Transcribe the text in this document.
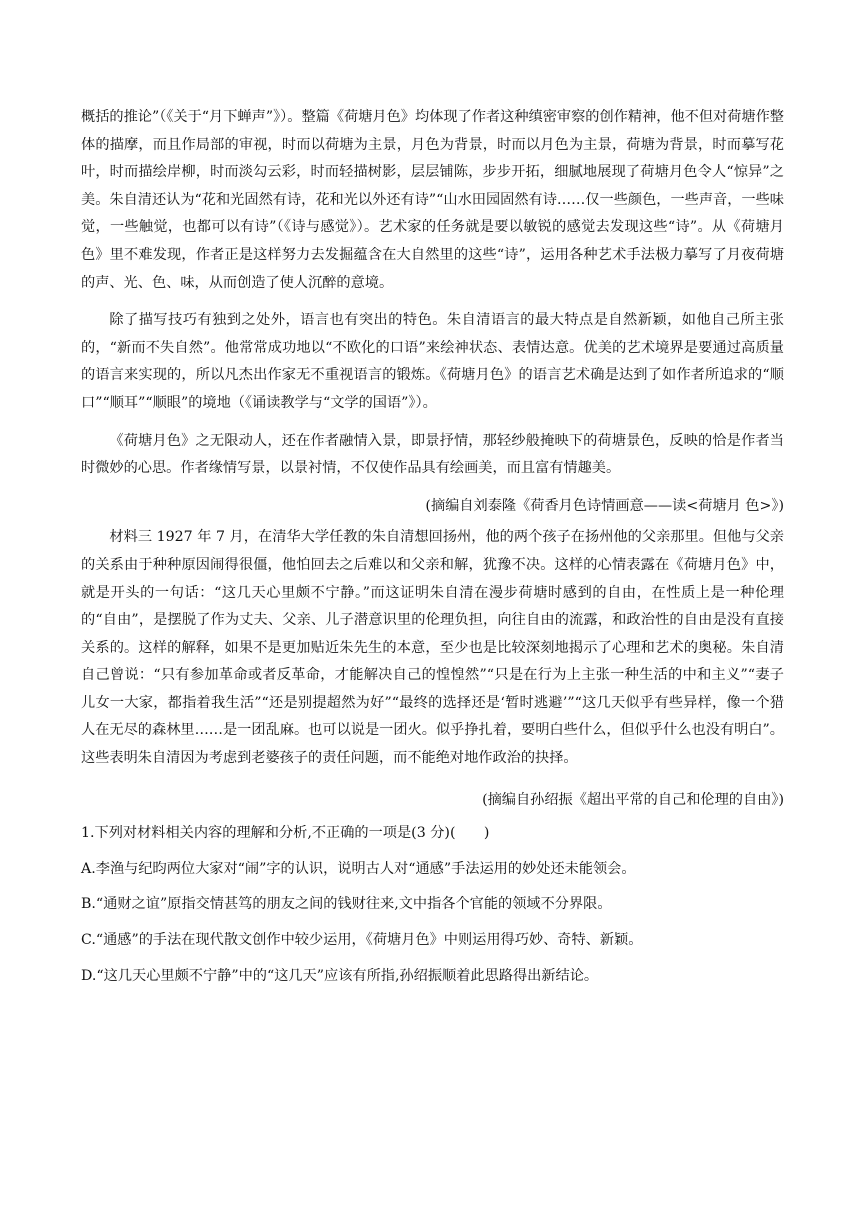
概括的推论”（《关于“月下蝉声”》）。整篇《荷塘月色》均体现了作者这种缜密审察的创作精神，他不但对荷塘作整体的描摩，而且作局部的审视，时而以荷塘为主景，月色为背景，时而以月色为主景，荷塘为背景，时而摹写花叶，时而描绘岸柳，时而淡勾云彩，时而轻描树影，层层铺陈，步步开拓，细腻地展现了荷塘月色令人“惊异”之美。朱自清还认为“花和光固然有诗，花和光以外还有诗”“山水田园固然有诗……仅一些颜色，一些声音，一些味觉，一些触觉，也都可以有诗”（《诗与感觉》）。艺术家的任务就是要以敏锐的感觉去发现这些“诗”。从《荷塘月色》里不难发现，作者正是这样努力去发掘蕴含在大自然里的这些“诗”，运用各种艺术手法极力摹写了月夜荷塘的声、光、色、味，从而创造了使人沉醉的意境。

除了描写技巧有独到之处外，语言也有突出的特色。朱自清语言的最大特点是自然新颖，如他自己所主张的，“新而不失自然”。他常常成功地以“不欧化的口语”来绘神状态、表情达意。优美的艺术境界是要通过高质量的语言来实现的，所以凡杰出作家无不重视语言的锻炼。《荷塘月色》的语言艺术确是达到了如作者所追求的“顺口”“顺耳”“顺眼”的境地（《诵读教学与“文学的国语”》）。

《荷塘月色》之无限动人，还在作者融情入景，即景抒情，那轻纱般掩映下的荷塘景色，反映的恰是作者当时微妙的心思。作者缘情写景，以景衬情，不仅使作品具有绘画美，而且富有情趣美。

(摘编自刘泰隆《荷香月色诗情画意——读<荷塘月 色>》)

材料三 1927 年 7 月，在清华大学任教的朱自清想回扬州，他的两个孩子在扬州他的父亲那里。但他与父亲的关系由于种种原因闹得很僵，他怕回去之后难以和父亲和解，犹豫不决。这样的心情表露在《荷塘月色》中，就是开头的一句话：“这几天心里颇不宁静。”而这证明朱自清在漫步荷塘时感到的自由，在性质上是一种伦理的“自由”，是摆脱了作为丈夫、父亲、儿子潜意识里的伦理负担，向往自由的流露，和政治性的自由是没有直接关系的。这样的解释，如果不是更加贴近朱先生的本意，至少也是比较深刻地揭示了心理和艺术的奥秘。朱自清自己曾说：“只有参加革命或者反革命，才能解决自己的惶惶然”“只是在行为上主张一种生活的中和主义”“妻子儿女一大家，都指着我生活”“还是别提超然为好”“最终的选择还是‘暂时逃避’”“这几天似乎有些异样，像一个猎人在无尽的森林里……是一团乱麻。也可以说是一团火。似乎挣扎着，要明白些什么，但似乎什么也没有明白”。这些表明朱自清因为考虑到老婆孩子的责任问题，而不能绝对地作政治的抉择。

(摘编自孙绍振《超出平常的自己和伦理的自由》)

1.下列对材料相关内容的理解和分析,不正确的一项是(3 分)(　　)

A.李渔与纪昀两位大家对“闹”字的认识，说明古人对“通感”手法运用的妙处还未能领会。

B.“通财之谊”原指交情甚笃的朋友之间的钱财往来,文中指各个官能的领域不分界限。

C.“通感”的手法在现代散文创作中较少运用，《荷塘月色》中则运用得巧妙、奇特、新颖。

D.“这几天心里颇不宁静”中的“这几天”应该有所指,孙绍振顺着此思路得出新结论。
